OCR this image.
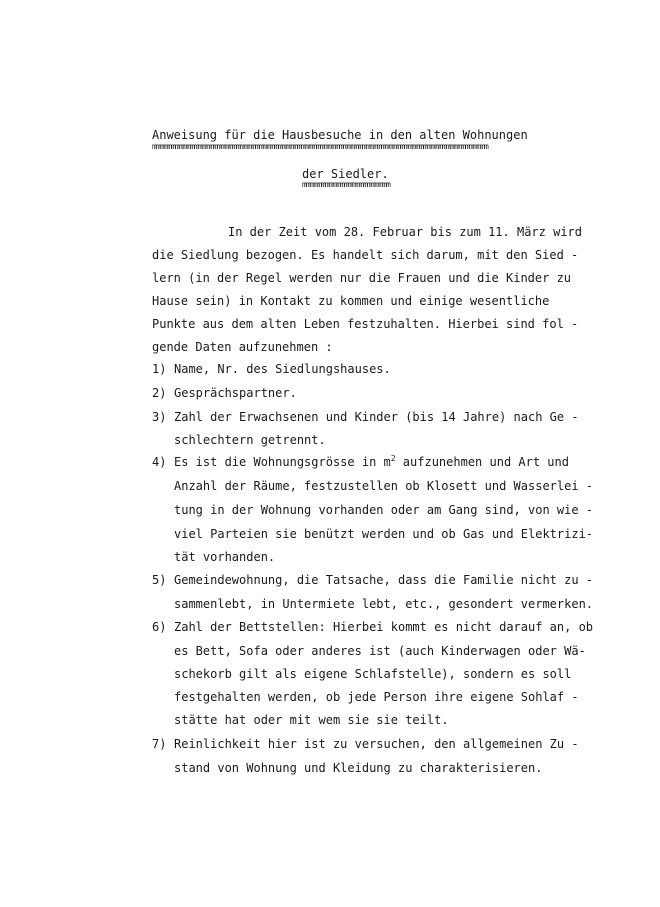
Anweisung für die Hausbesuche in den alten Wohnungen
mmmmmmmmmmmmmmmmmmmmmmmmmmmmmmmmmmmmmmmmmmmmmmmmmmmmmmmmmmmmmmmmmmmmmmmmmmmmmmmmmmmmmmmm
der Siedler.
mmmmmmmmmmmmmmmmmmmmmmm
In der Zeit vom 28. Februar bis zum 11. März wird
die Siedlung bezogen. Es handelt sich darum, mit den Sied -
lern (in der Regel werden nur die Frauen und die Kinder zu
Hause sein) in Kontakt zu kommen und einige wesentliche
Punkte aus dem alten Leben festzuhalten. Hierbei sind fol -
gende Daten aufzunehmen :
1) Name, Nr. des Siedlungshauses.
2) Gesprächspartner.
3) Zahl der Erwachsenen und Kinder (bis 14 Jahre) nach Ge -
schlechtern getrennt.
4) Es ist die Wohnungsgrösse in $m^2$ aufzunehmen und Art und
Anzahl der Räume, festzustellen ob Klosett und Wasserlei -
tung in der Wohnung vorhanden oder am Gang sind, von wie -
viel Parteien sie benützt werden und ob Gas und Elektrizi-
tät vorhanden.
5) Gemeindewohnung, die Tatsache, dass die Familie nicht zu -
sammenlebt, in Untermiete lebt, etc., gesondert vermerken.
6) Zahl der Bettstellen: Hierbei kommt es nicht darauf an, ob
es Bett, Sofa oder anderes ist (auch Kinderwagen oder Wä-
schekorb gilt als eigene Schlafstelle), sondern es soll
festgehalten werden, ob jede Person ihre eigene Sohlaf -
stätte hat oder mit wem sie sie teilt.
7) Reinlichkeit hier ist zu versuchen, den allgemeinen Zu -
stand von Wohnung und Kleidung zu charakterisieren.
